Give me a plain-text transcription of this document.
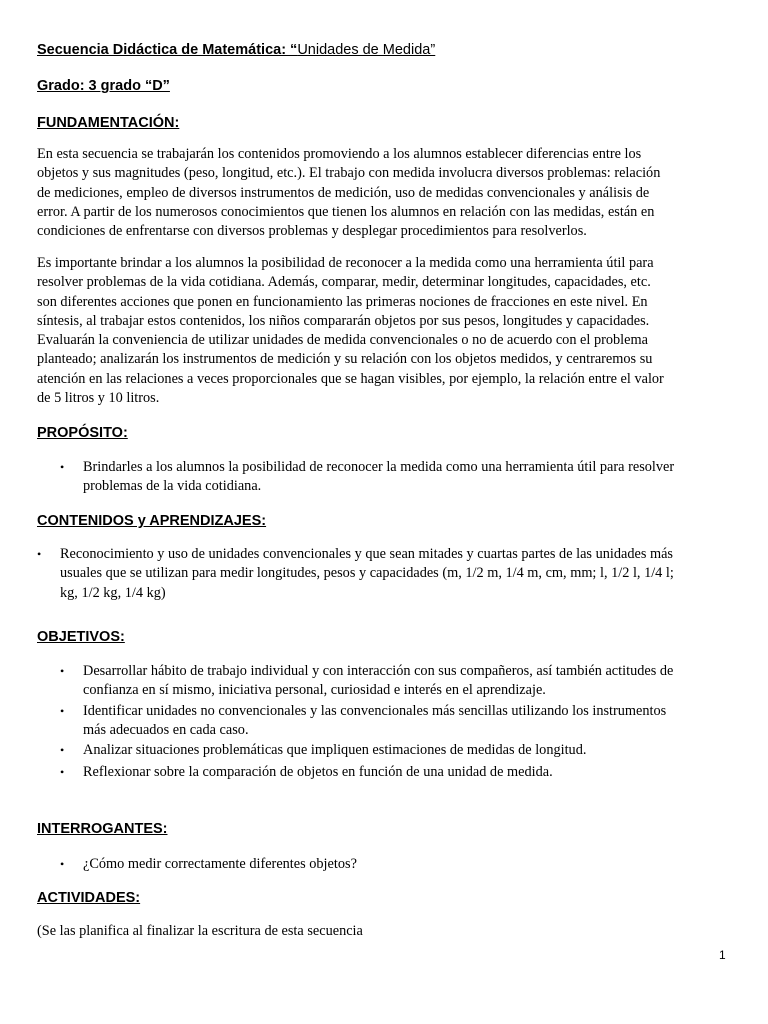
Secuencia Didáctica de Matemática: “Unidades de Medida”
Grado: 3 grado “D”
FUNDAMENTACIÓN:
En esta secuencia se trabajarán los contenidos promoviendo a los alumnos establecer diferencias entre los
objetos y sus magnitudes (peso, longitud, etc.). El trabajo con medida involucra diversos problemas: relación
de mediciones, empleo de diversos instrumentos de medición, uso de medidas convencionales y análisis de
error. A partir de los numerosos conocimientos que tienen los alumnos en relación con las medidas, están en
condiciones de enfrentarse con diversos problemas y desplegar procedimientos para resolverlos.
Es importante brindar a los alumnos la posibilidad de reconocer a la medida como una herramienta útil para
resolver problemas de la vida cotidiana. Además, comparar, medir, determinar longitudes, capacidades, etc.
son diferentes acciones que ponen en funcionamiento las primeras nociones de fracciones en este nivel. En
síntesis, al trabajar estos contenidos, los niños compararán objetos por sus pesos, longitudes y capacidades.
Evaluarán la conveniencia de utilizar unidades de medida convencionales o no de acuerdo con el problema
planteado; analizarán los instrumentos de medición y su relación con los objetos medidos, y centraremos su
atención en las relaciones a veces proporcionales que se hagan visibles, por ejemplo, la relación entre el valor
de 5 litros y 10 litros.
PROPÓSITO:
• Brindarles a los alumnos la posibilidad de reconocer la medida como una herramienta útil para resolver
problemas de la vida cotidiana.
CONTENIDOS y APRENDIZAJES:
• Reconocimiento y uso de unidades convencionales y que sean mitades y cuartas partes de las unidades más
usuales que se utilizan para medir longitudes, pesos y capacidades (m, 1/2 m, 1/4 m, cm, mm; l, 1/2 l, 1/4 l;
kg, 1/2 kg, 1/4 kg)
OBJETIVOS:
• Desarrollar hábito de trabajo individual y con interacción con sus compañeros, así también actitudes de
confianza en sí mismo, iniciativa personal, curiosidad e interés en el aprendizaje.
• Identificar unidades no convencionales y las convencionales más sencillas utilizando los instrumentos
más adecuados en cada caso.
• Analizar situaciones problemáticas que impliquen estimaciones de medidas de longitud.
• Reflexionar sobre la comparación de objetos en función de una unidad de medida.
INTERROGANTES:
• ¿Cómo medir correctamente diferentes objetos?
ACTIVIDADES:
(Se las planifica al finalizar la escritura de esta secuencia
1
